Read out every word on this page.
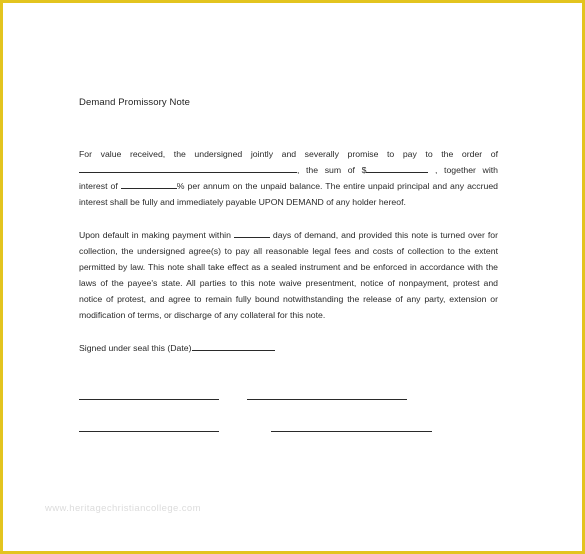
Demand Promissory Note
For value received, the undersigned jointly and severally promise to pay to the order of , the sum of $	, together with interest of	% per annum on the unpaid balance. The entire unpaid principal and any accrued interest shall be fully and immediately payable UPON DEMAND of any holder hereof.
Upon default in making payment within	days of demand, and provided this note is turned over for collection, the undersigned agree(s) to pay all reasonable legal fees and costs of collection to the extent permitted by law. This note shall take effect as a sealed instrument and be enforced in accordance with the laws of the payee's state. All parties to this note waive presentment, notice of nonpayment, protest and notice of protest, and agree to remain fully bound notwithstanding the release of any party, extension or modification of terms, or discharge of any collateral for this note.
Signed under seal this (Date)
www.heritagechristiancollege.com
